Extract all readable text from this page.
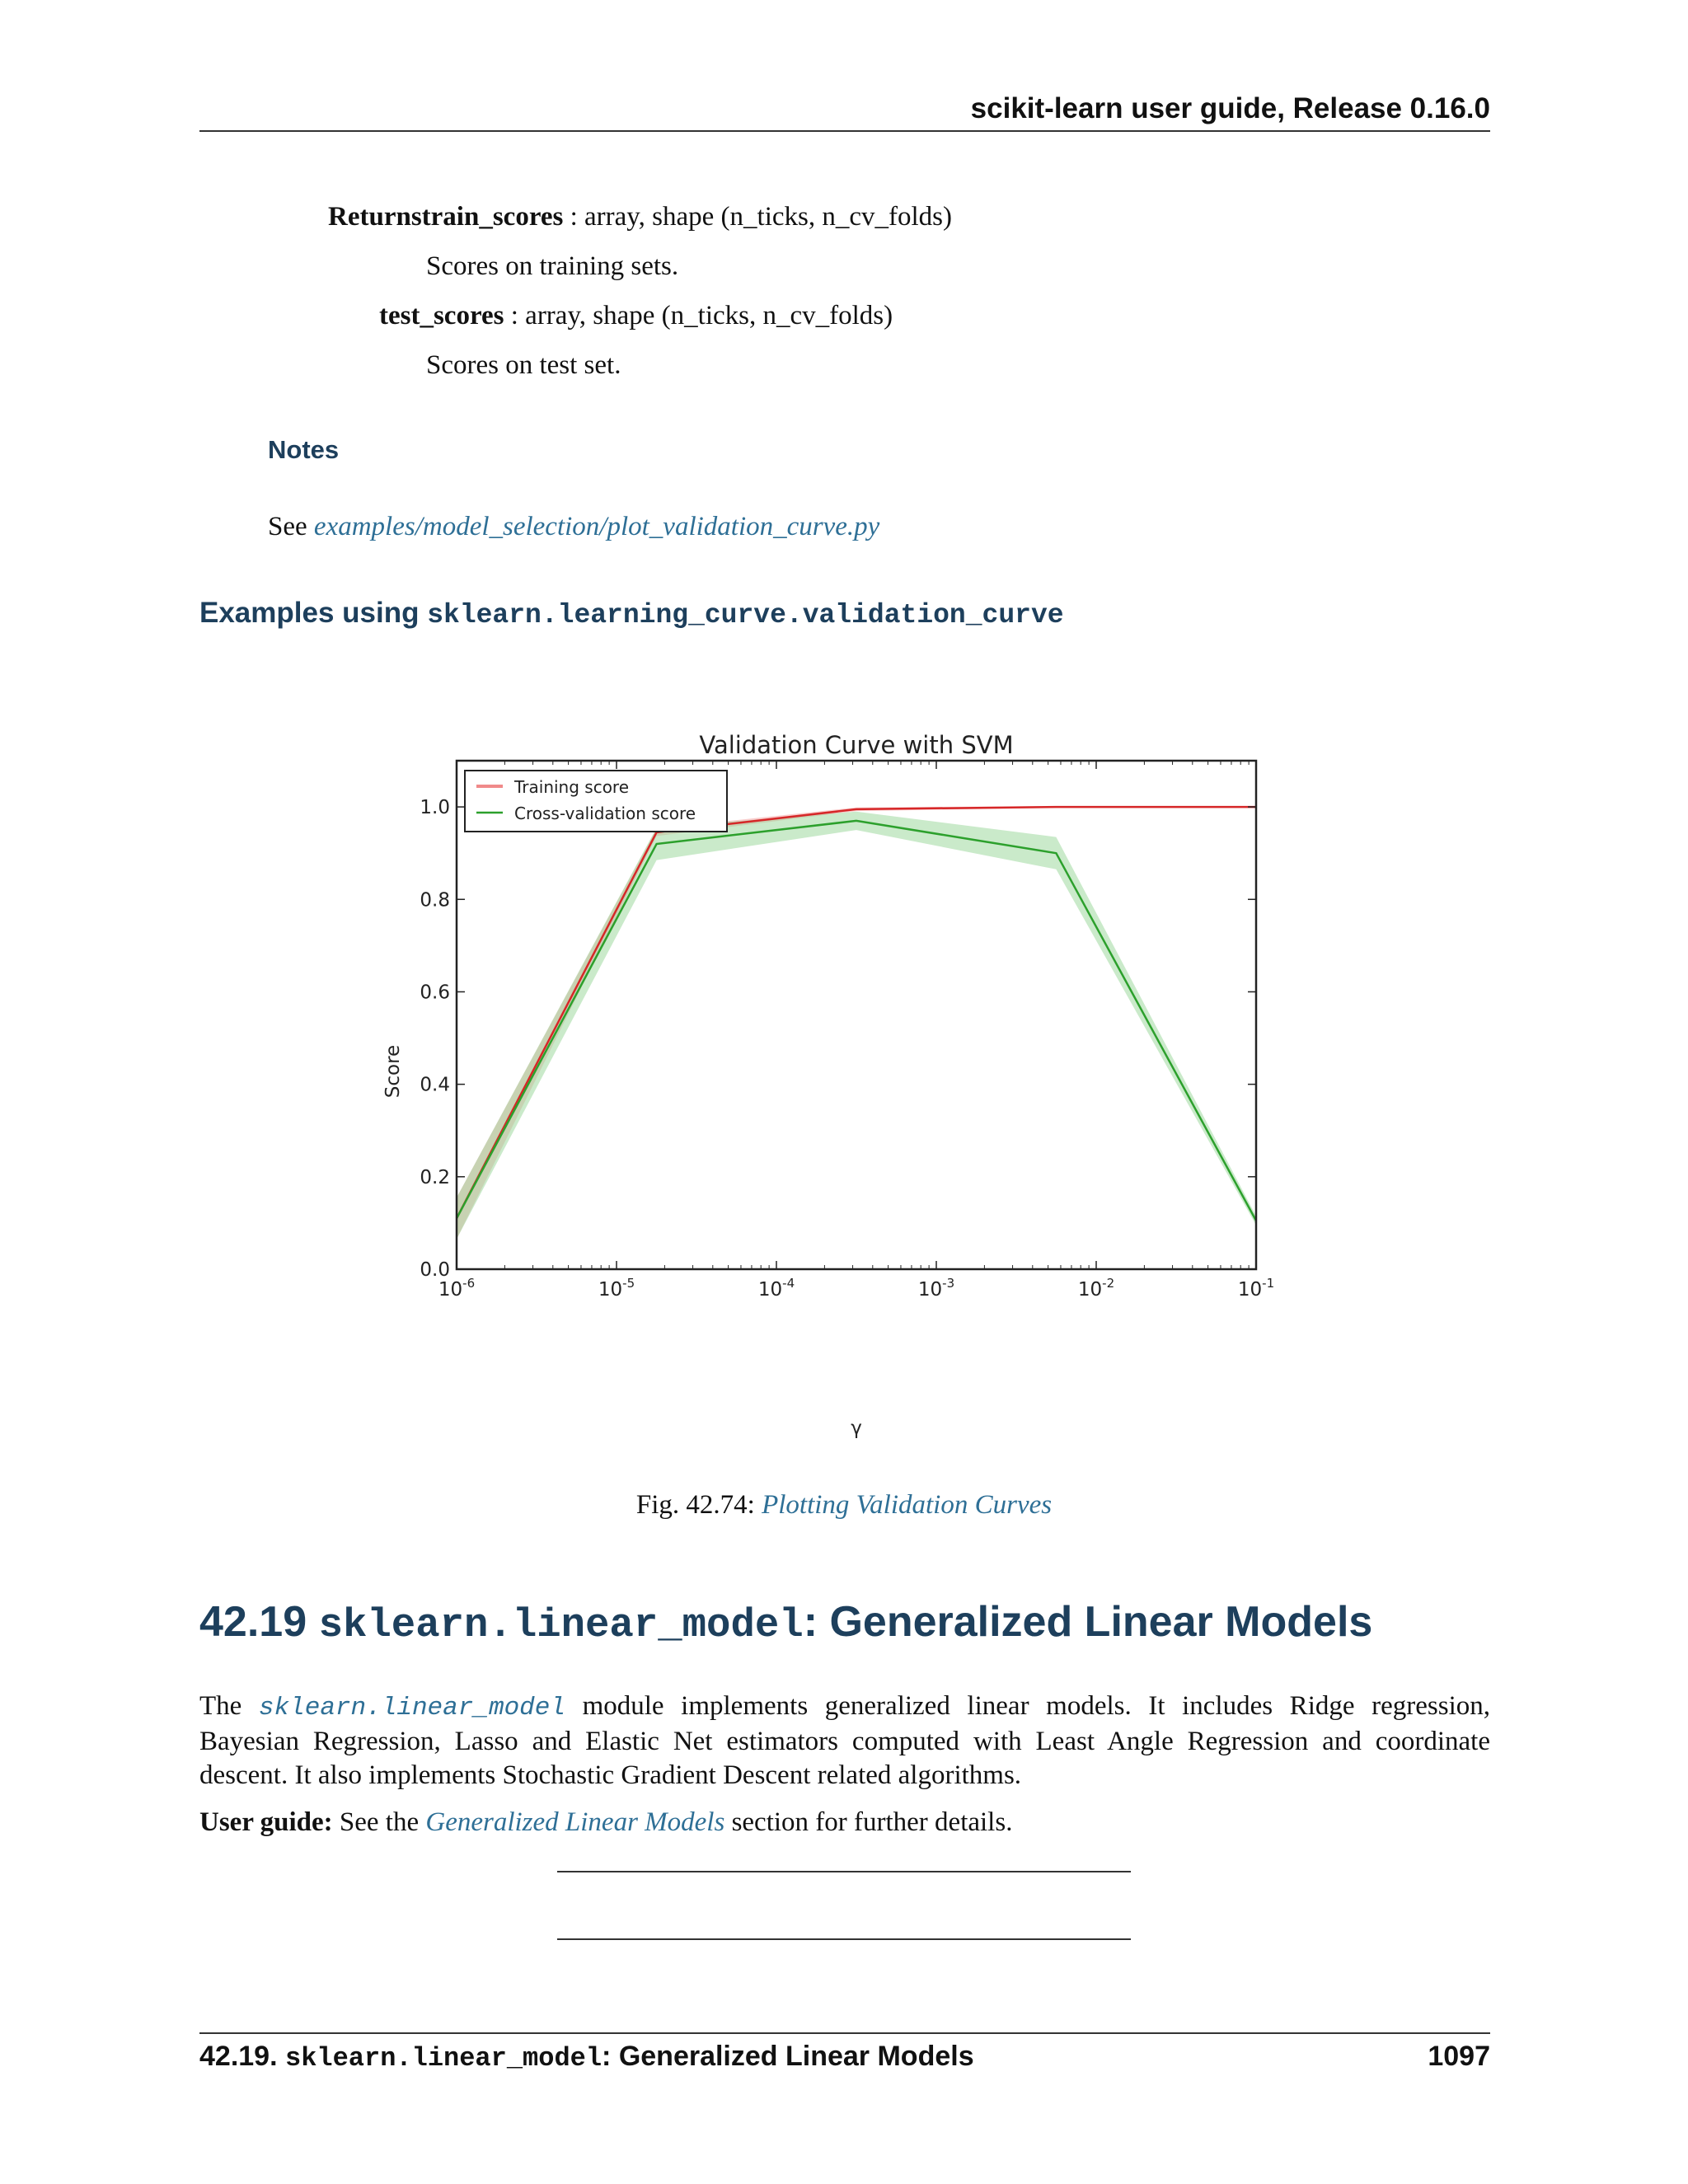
scikit-learn user guide, Release 0.16.0
Returnstrain_scores : array, shape (n_ticks, n_cv_folds)
Scores on training sets.
test_scores : array, shape (n_ticks, n_cv_folds)
Scores on test set.
Notes
See examples/model_selection/plot_validation_curve.py
Examples using sklearn.learning_curve.validation_curve
Validation Curve with SVM
$10^{-6}$	$10^{-5}$	$10^{-4}$	$10^{-3}$	$10^{-2}$	$10^{-1}$
0.0
0.2
0.4
0.6
0.8
1.0
Score
γ
Training score
Cross-validation score
Fig. 42.74: Plotting Validation Curves
42.19 sklearn.linear_model: Generalized Linear Models
The sklearn.linear_model module implements generalized linear models. It includes Ridge regression, Bayesian Regression, Lasso and Elastic Net estimators computed with Least Angle Regression and coordinate descent. It also implements Stochastic Gradient Descent related algorithms.
User guide: See the Generalized Linear Models section for further details.
42.19. sklearn.linear_model: Generalized Linear Models	1097
